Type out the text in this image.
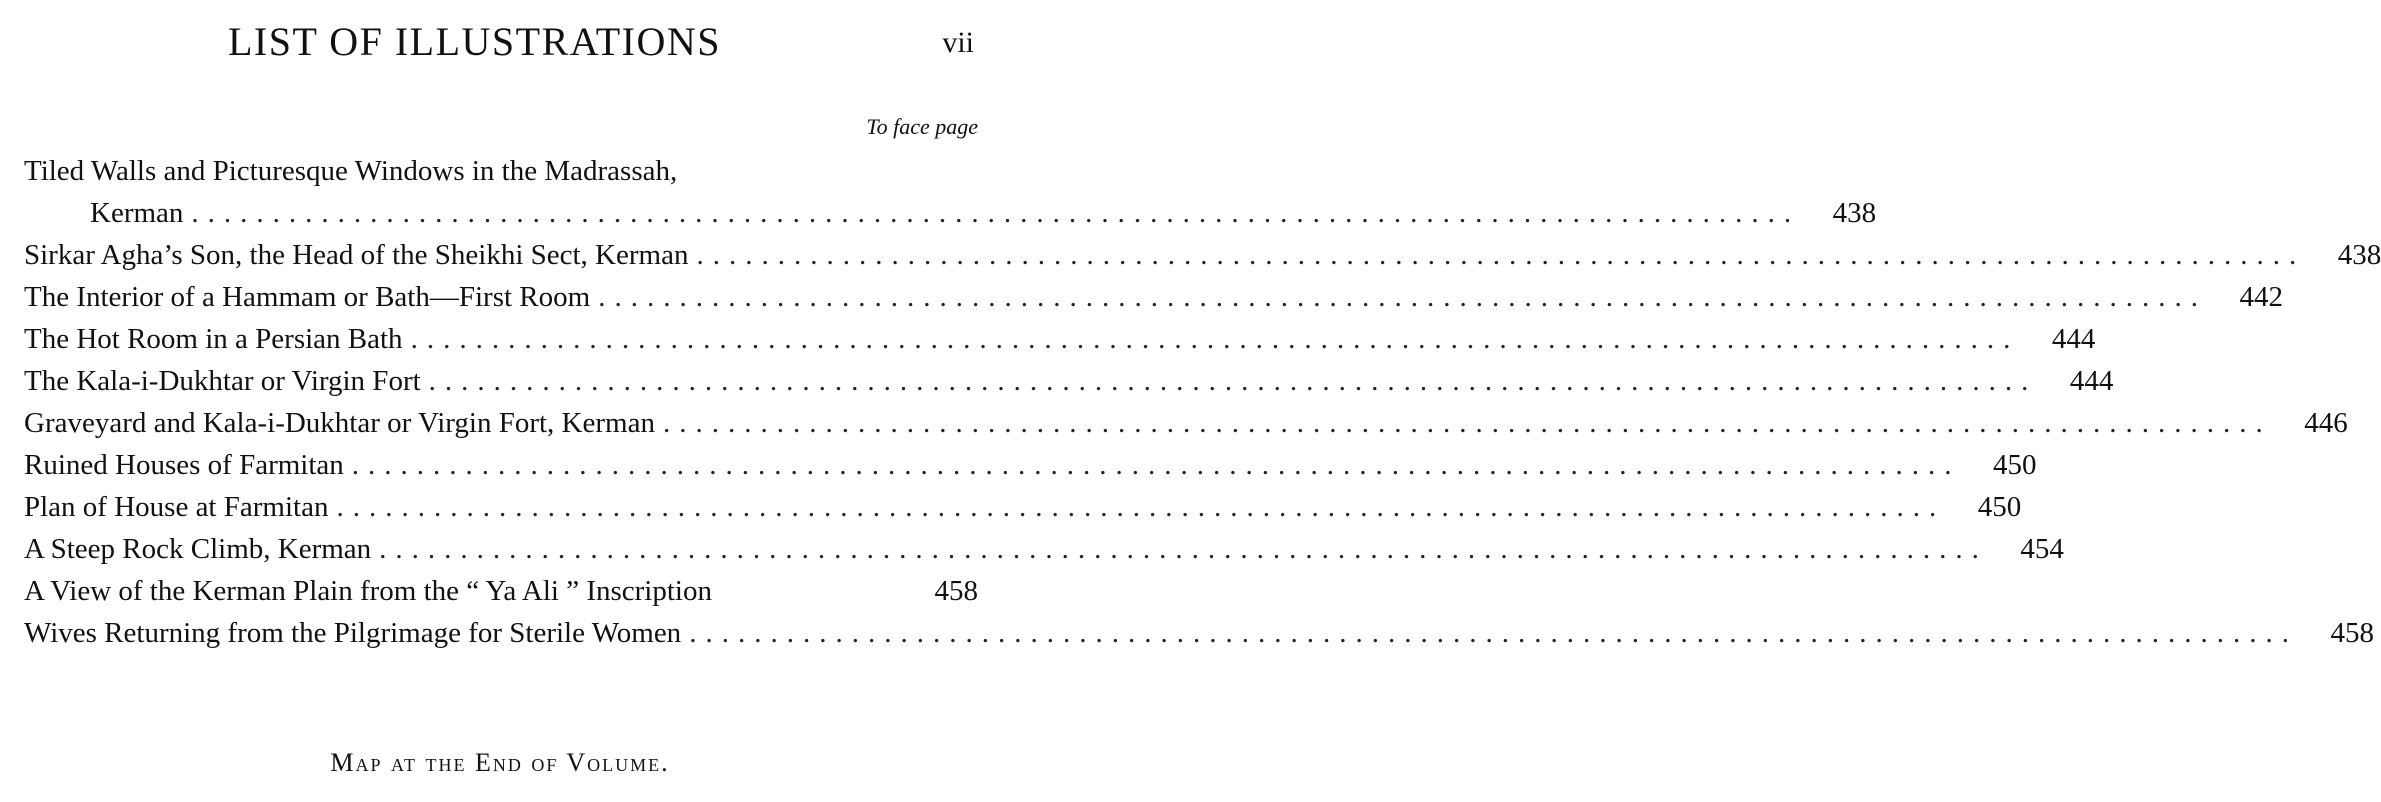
LIST OF ILLUSTRATIONS	vii
To face page
Tiled Walls and Picturesque Windows in the Madrassah,
Kerman ...................................................................................................	438
Sirkar Agha’s Son, the Head of the Sheikhi Sect, Kerman ...................................................................................................	438
The Interior of a Hammam or Bath—First Room ...................................................................................................	442
The Hot Room in a Persian Bath ...................................................................................................	444
The Kala-i-Dukhtar or Virgin Fort ...................................................................................................	444
Graveyard and Kala-i-Dukhtar or Virgin Fort, Kerman ...................................................................................................	446
Ruined Houses of Farmitan ...................................................................................................	450
Plan of House at Farmitan ...................................................................................................	450
A Steep Rock Climb, Kerman ...................................................................................................	454
A View of the Kerman Plain from the “ Ya Ali ” Inscription	458
Wives Returning from the Pilgrimage for Sterile Women ...................................................................................................	458
Map at the End of Volume.
